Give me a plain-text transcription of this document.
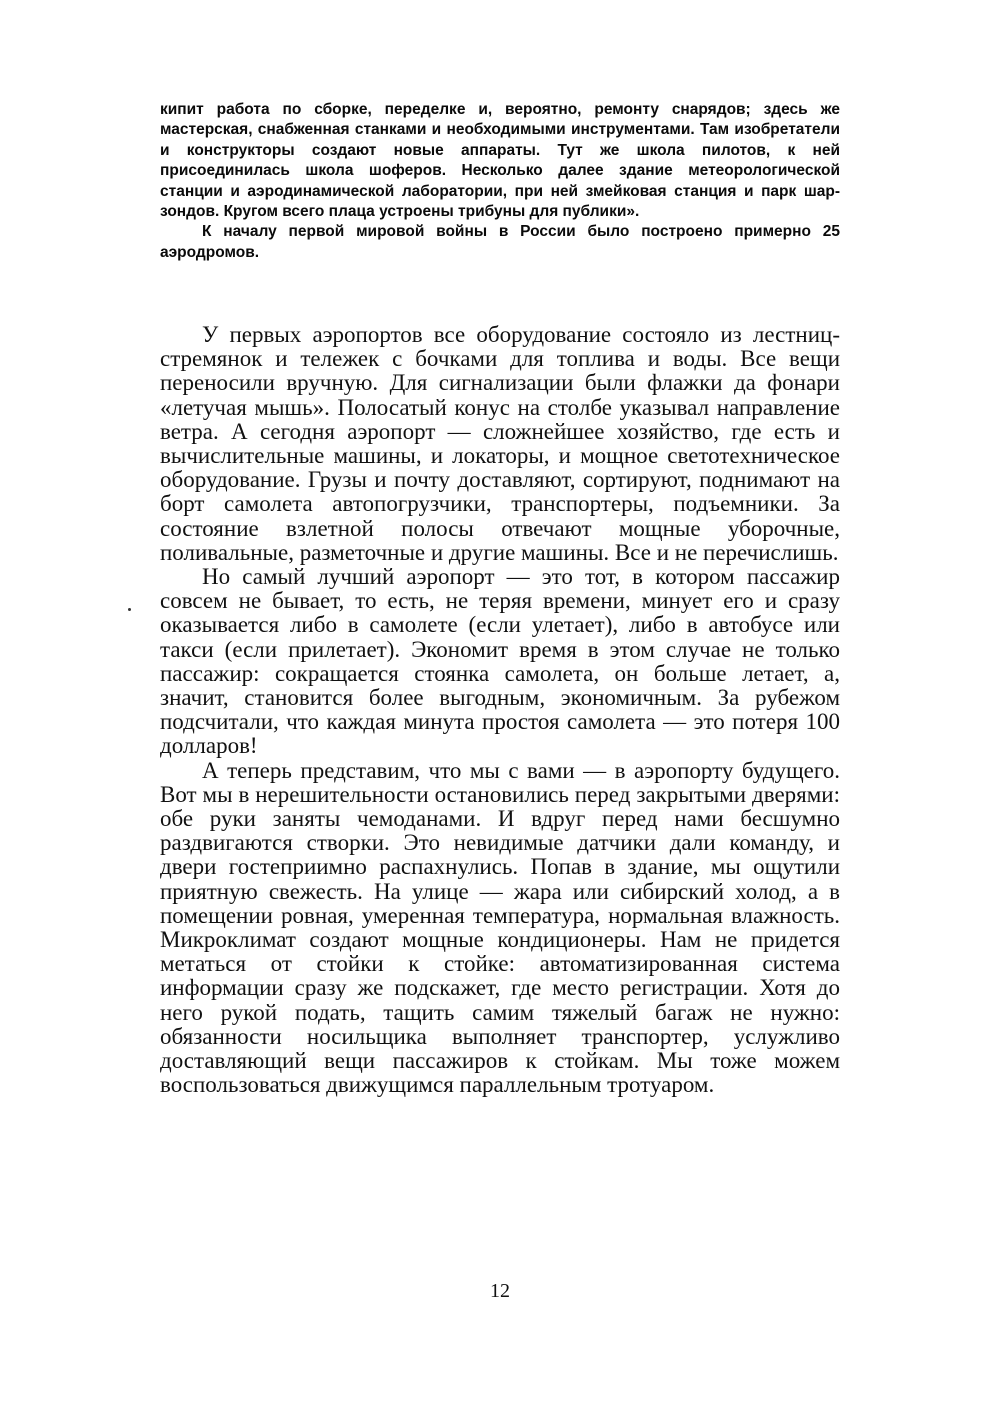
кипит работа по сборке, переделке и, вероятно, ремонту снарядов; здесь же мастерская, снабженная станками и необходимыми инструментами. Там изобретатели и конструкторы создают новые аппараты. Тут же школа пилотов, к ней присоединилась школа шоферов. Несколько далее здание метеорологической станции и аэродинамической лаборатории, при ней змейковая станция и парк шар-зондов. Кругом всего плаца устроены трибуны для публики».

К началу первой мировой войны в России было построено примерно 25 аэродромов.

У первых аэропортов все оборудование состояло из лестниц-стремянок и тележек с бочками для топлива и воды. Все вещи переносили вручную. Для сигнализации были флажки да фонари «летучая мышь». Полосатый конус на столбе указывал направление ветра. А сегодня аэропорт — сложнейшее хозяйство, где есть и вычислительные машины, и локаторы, и мощное светотехническое оборудование. Грузы и почту доставляют, сортируют, поднимают на борт самолета автопогрузчики, транспортеры, подъемники. За состояние взлетной полосы отвечают мощные уборочные, поливальные, разметочные и другие машины. Все и не перечислишь.

Но самый лучший аэропорт — это тот, в котором пассажир совсем не бывает, то есть, не теряя времени, минует его и сразу оказывается либо в самолете (если улетает), либо в автобусе или такси (если прилетает). Экономит время в этом случае не только пассажир: сокращается стоянка самолета, он больше летает, а, значит, становится более выгодным, экономичным. За рубежом подсчитали, что каждая минута простоя самолета — это потеря 100 долларов!

А теперь представим, что мы с вами — в аэропорту будущего. Вот мы в нерешительности остановились перед закрытыми дверями: обе руки заняты чемоданами. И вдруг перед нами бесшумно раздвигаются створки. Это невидимые датчики дали команду, и двери гостеприимно распахнулись. Попав в здание, мы ощутили приятную свежесть. На улице — жара или сибирский холод, а в помещении ровная, умеренная температура, нормальная влажность. Микроклимат создают мощные кондиционеры. Нам не придется метаться от стойки к стойке: автоматизированная система информации сразу же подскажет, где место регистрации. Хотя до него рукой подать, тащить самим тяжелый багаж не нужно: обязанности носильщика выполняет транспортер, услужливо доставляющий вещи пассажиров к стойкам. Мы тоже можем воспользоваться движущимся параллельным тротуаром.

12
